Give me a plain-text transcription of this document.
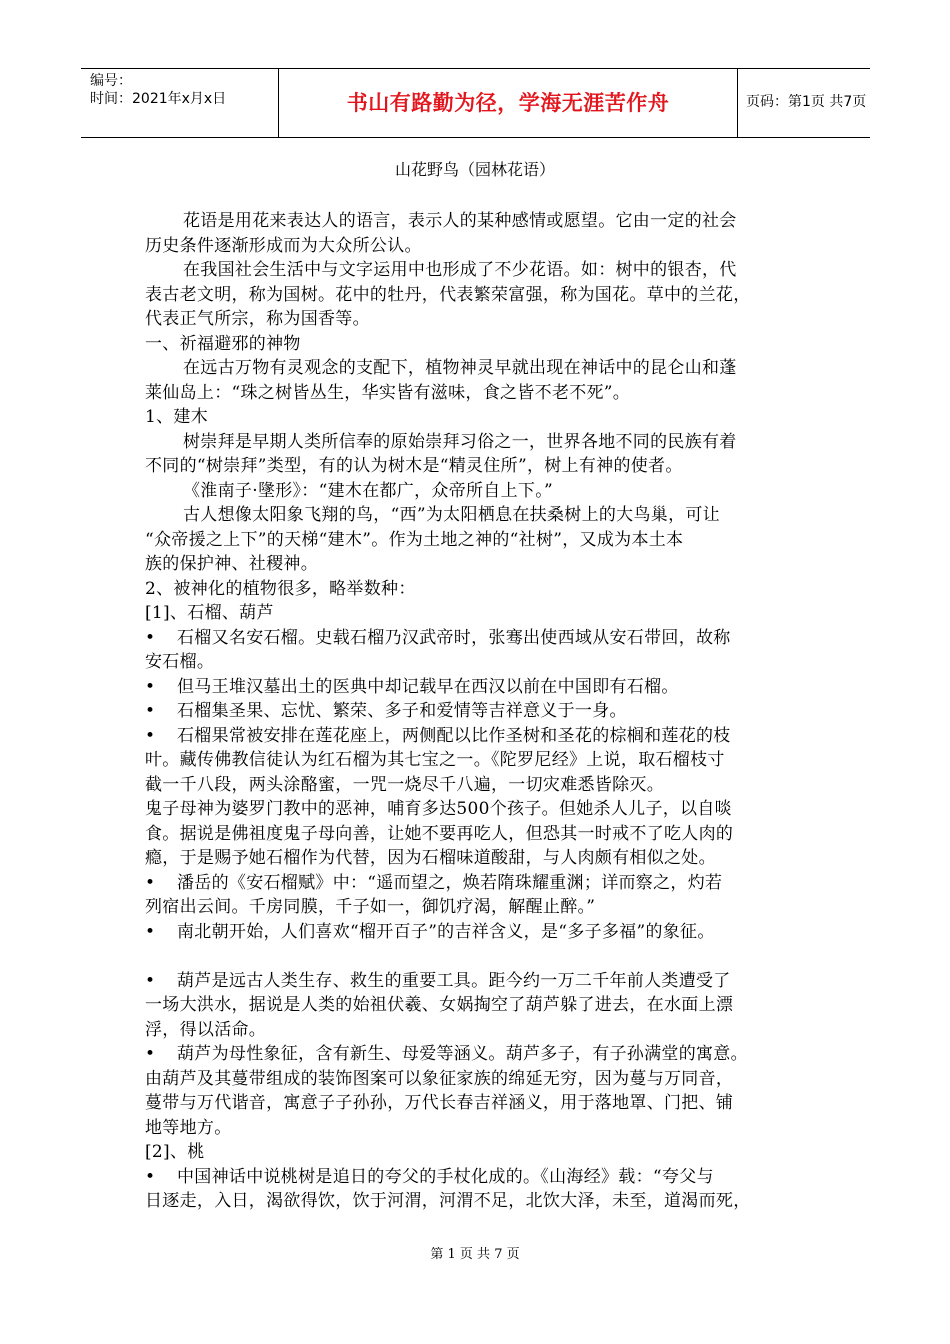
编号：
时间：2021年x月x日	书山有路勤为径，学海无涯苦作舟	页码：第1页 共7页
山花野鸟（园林花语）

花语是用花来表达人的语言，表示人的某种感情或愿望。它由一定的社会

历史条件逐渐形成而为大众所公认。

在我国社会生活中与文字运用中也形成了不少花语。如：树中的银杏，代

表古老文明，称为国树。花中的牡丹，代表繁荣富强，称为国花。草中的兰花，

代表正气所宗，称为国香等。

一、祈福避邪的神物

在远古万物有灵观念的支配下，植物神灵早就出现在神话中的昆仑山和蓬

莱仙岛上：“珠之树皆丛生，华实皆有滋味，食之皆不老不死”。

1、建木

树崇拜是早期人类所信奉的原始崇拜习俗之一，世界各地不同的民族有着

不同的“树崇拜”类型，有的认为树木是“精灵住所”，树上有神的使者。

《淮南子·墬形》：“建木在都广，众帝所自上下。”

古人想像太阳象飞翔的鸟，“西”为太阳栖息在扶桑树上的大鸟巢，可让

“众帝援之上下”的天梯“建木”。作为土地之神的“社树”，又成为本土本

族的保护神、社稷神。

2、被神化的植物很多，略举数种：

[1]、石榴、葫芦

• 石榴又名安石榴。史载石榴乃汉武帝时，张骞出使西域从安石带回，故称

安石榴。

• 但马王堆汉墓出土的医典中却记载早在西汉以前在中国即有石榴。

• 石榴集圣果、忘忧、繁荣、多子和爱情等吉祥意义于一身。

• 石榴果常被安排在莲花座上，两侧配以比作圣树和圣花的棕榈和莲花的枝

叶。藏传佛教信徒认为红石榴为其七宝之一。《陀罗尼经》上说，取石榴枝寸

截一千八段，两头涂酪蜜，一咒一烧尽千八遍，一切灾难悉皆除灭。

鬼子母神为婆罗门教中的恶神，哺育多达500个孩子。但她杀人儿子，以自啖

食。据说是佛祖度鬼子母向善，让她不要再吃人，但恐其一时戒不了吃人肉的

瘾，于是赐予她石榴作为代替，因为石榴味道酸甜，与人肉颇有相似之处。

• 潘岳的《安石榴赋》中：“遥而望之，焕若隋珠耀重渊；详而察之，灼若

列宿出云间。千房同膜，千子如一，御饥疗渴，解醒止醉。”

• 南北朝开始，人们喜欢“榴开百子”的吉祥含义，是“多子多福”的象征。

• 葫芦是远古人类生存、救生的重要工具。距今约一万二千年前人类遭受了

一场大洪水，据说是人类的始祖伏羲、女娲掏空了葫芦躲了进去，在水面上漂

浮，得以活命。

• 葫芦为母性象征，含有新生、母爱等涵义。葫芦多子，有子孙满堂的寓意。

由葫芦及其蔓带组成的装饰图案可以象征家族的绵延无穷，因为蔓与万同音，

蔓带与万代谐音，寓意子子孙孙，万代长春吉祥涵义，用于落地罩、门把、铺

地等地方。

[2]、桃

• 中国神话中说桃树是追日的夸父的手杖化成的。《山海经》载：“夸父与

日逐走，入日，渴欲得饮，饮于河渭，河渭不足，北饮大泽，未至，道渴而死，

第 1 页 共 7 页
